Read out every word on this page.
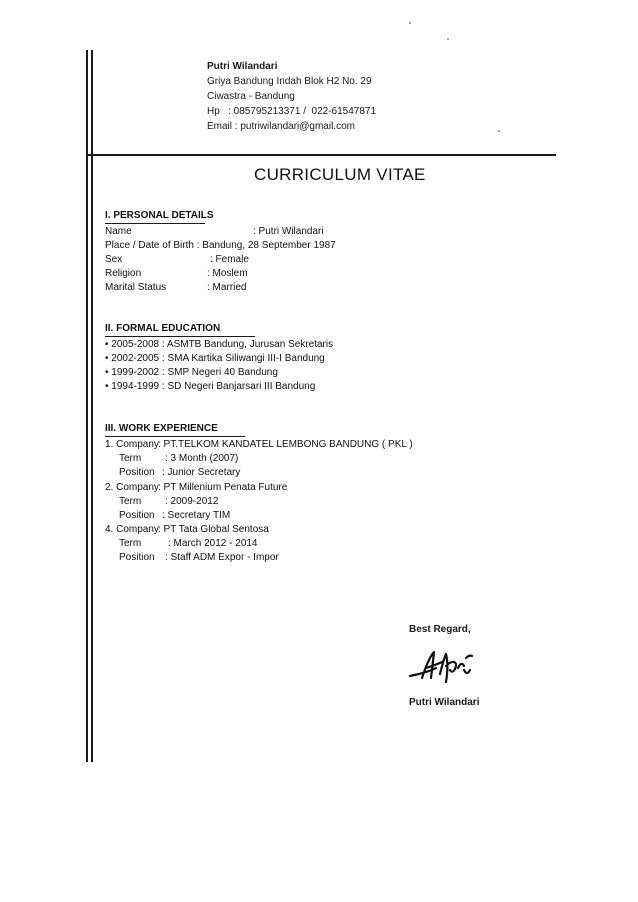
Putri Wilandari
Griya Bandung Indah Blok H2 No. 29
Ciwastra - Bandung
Hp   : 085795213371 /  022-61547871
Email : putriwilandari@gmail.com
CURRICULUM VITAE
I. PERSONAL DETAILS
Name	: Putri Wilandari
Place / Date of Birth : Bandung, 28 September 1987
Sex	: Female
Religion	: Moslem
Marital Status	: Married
II. FORMAL EDUCATION
• 2005-2008 : ASMTB Bandung, Jurusan Sekretaris
• 2002-2005 : SMA Kartika Siliwangi III-I Bandung
• 1999-2002 : SMP Negeri 40 Bandung
• 1994-1999 : SD Negeri Banjarsari III Bandung
III. WORK EXPERIENCE
1. Company: PT.TELKOM KANDATEL LEMBONG BANDUNG ( PKL )
Term : 3 Month (2007)
Position : Junior Secretary
2. Company: PT Millenium Penata Future
Term : 2009-2012
Position : Secretary TIM
4. Company: PT Tata Global Sentosa
Term	: March 2012 - 2014
Position : Staff ADM Expor - Impor
Best Regard,
Putri Wilandari
